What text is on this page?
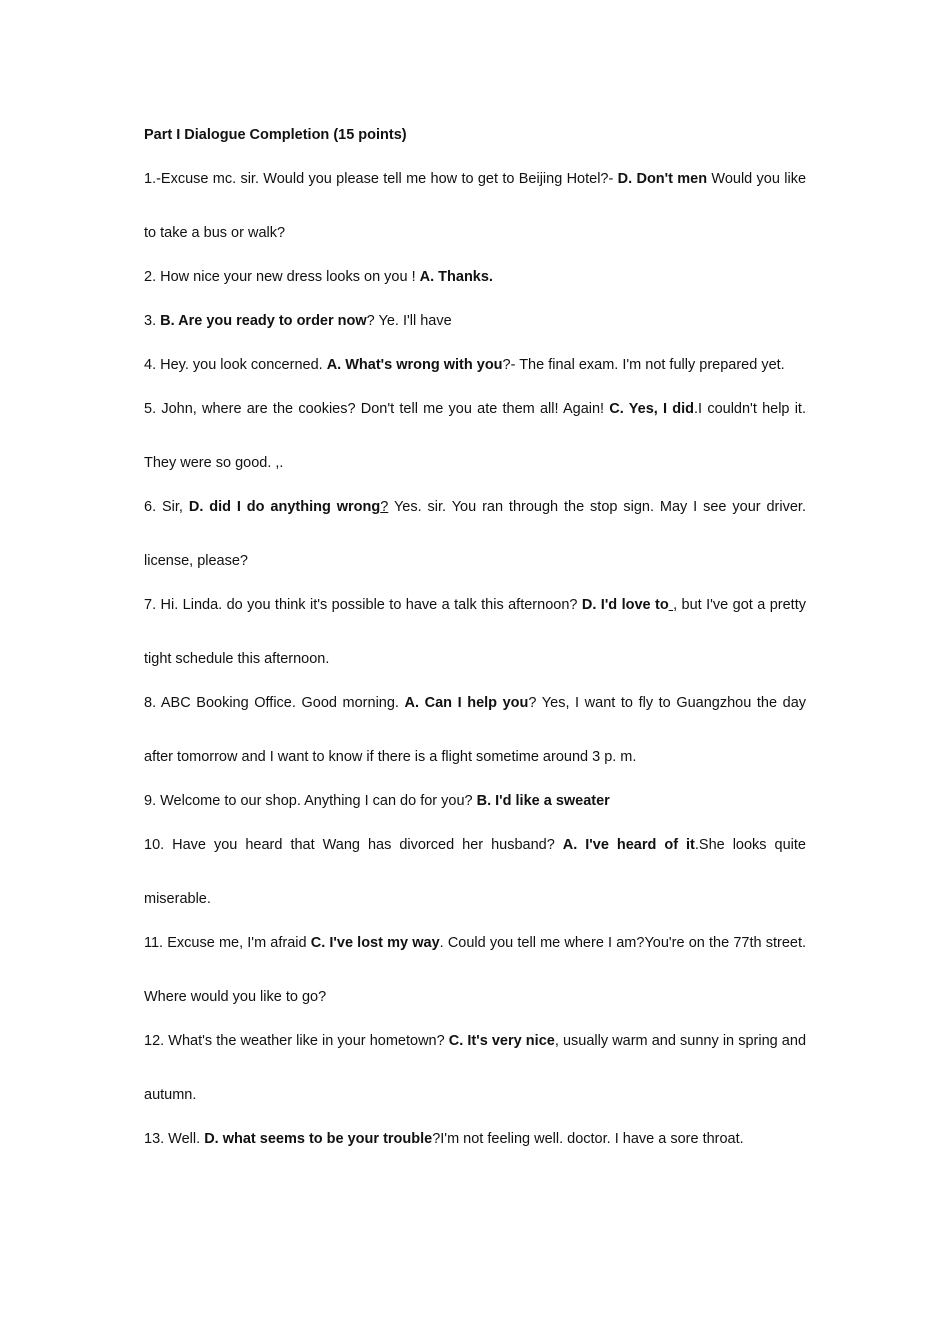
Part I Dialogue Completion (15 points)

1.-Excuse mc. sir. Would you please tell me how to get to Beijing Hotel?- D. Don't men Would you like to take a bus or walk?

2. How nice your new dress looks on you ! A. Thanks.

3. B. Are you ready to order now? Ye. I'll have

4. Hey. you look concerned. A. What's wrong with you?- The final exam. I'm not fully prepared yet.

5. John, where are the cookies? Don't tell me you ate them all! Again! C. Yes, I did.I couldn't help it. They were so good. ,.

6. Sir, D. did I do anything wrong? Yes. sir. You ran through the stop sign. May I see your driver. license, please?

7. Hi. Linda. do you think it's possible to have a talk this afternoon? D. I'd love to , but I've got a pretty tight schedule this afternoon.

8. ABC Booking Office. Good morning. A. Can I help you? Yes, I want to fly to Guangzhou the day after tomorrow and I want to know if there is a flight sometime around 3 p. m.

9. Welcome to our shop. Anything I can do for you? B. I'd like a sweater

10. Have you heard that Wang has divorced her husband? A. I've heard of it.She looks quite miserable.

11. Excuse me, I'm afraid C. I've lost my way. Could you tell me where I am?You're on the 77th street. Where would you like to go?

12. What's the weather like in your hometown? C. It's very nice, usually warm and sunny in spring and autumn.

13. Well. D. what seems to be your trouble?I'm not feeling well. doctor. I have a sore throat.
